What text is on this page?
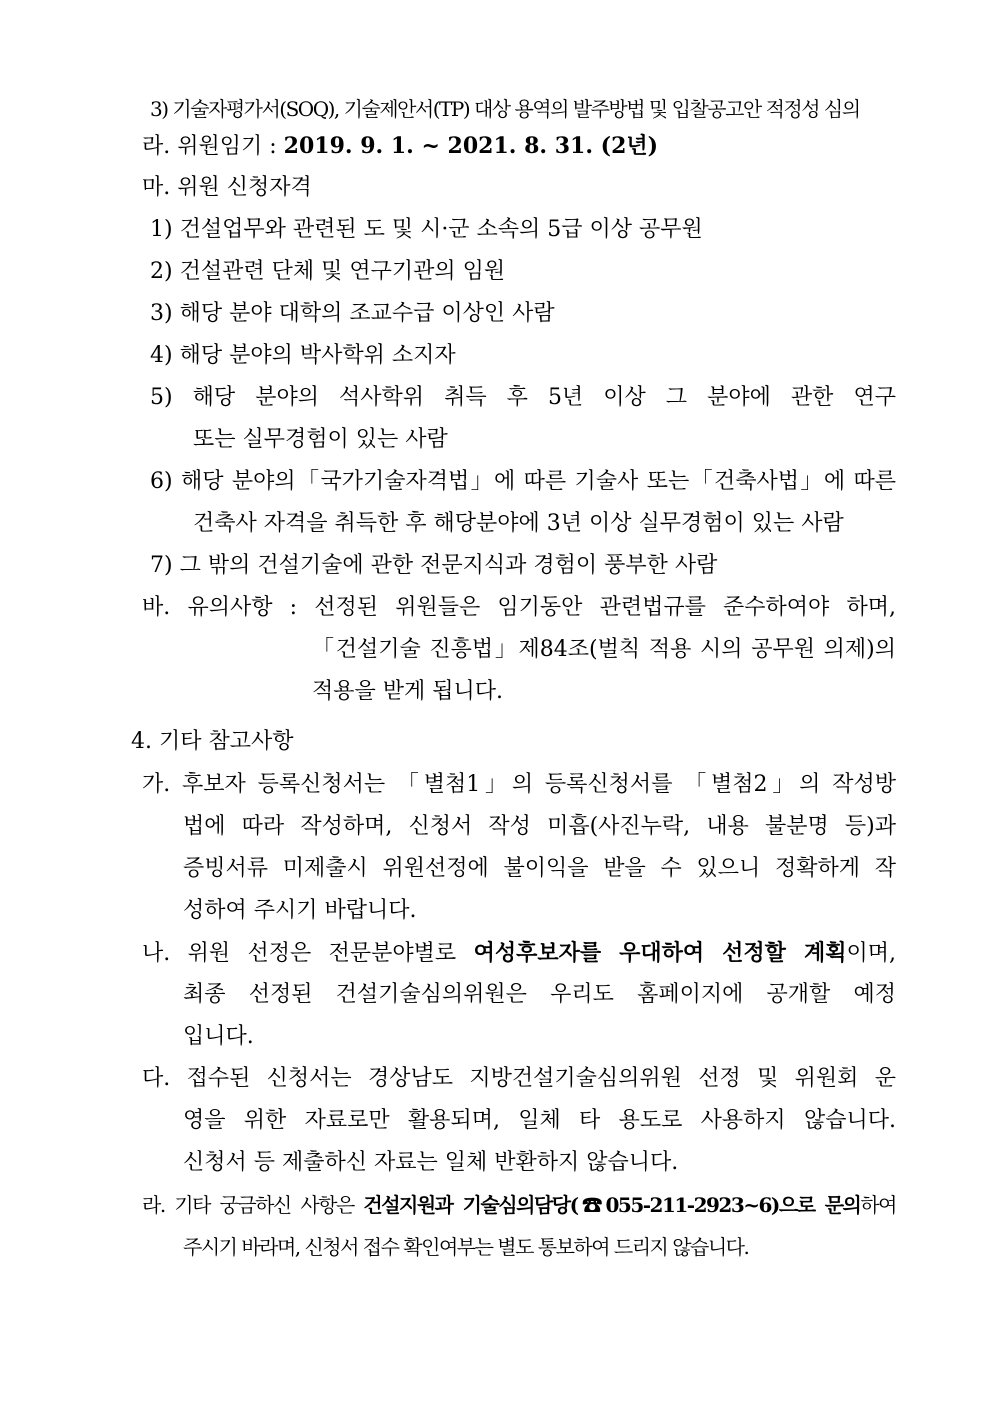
3) 기술자평가서(SOQ), 기술제안서(TP) 대상 용역의 발주방법 및 입찰공고안 적정성 심의
라. 위원임기 : 2019. 9. 1. ~ 2021. 8. 31. (2년)
마. 위원 신청자격
1) 건설업무와 관련된 도 및 시·군 소속의 5급 이상 공무원
2) 건설관련 단체 및 연구기관의 임원
3) 해당 분야 대학의 조교수급 이상인 사람
4) 해당 분야의 박사학위 소지자
5) 해당 분야의 석사학위 취득 후 5년 이상 그 분야에 관한 연구
또는 실무경험이 있는 사람
6) 해당 분야의「국가기술자격법」에 따른 기술사 또는「건축사법」에 따른
건축사 자격을 취득한 후 해당분야에 3년 이상 실무경험이 있는 사람
7) 그 밖의 건설기술에 관한 전문지식과 경험이 풍부한 사람
바. 유의사항 : 선정된 위원들은 임기동안 관련법규를 준수하여야 하며,
「건설기술 진흥법」제84조(벌칙 적용 시의 공무원 의제)의
적용을 받게 됩니다.
4. 기타 참고사항
가. 후보자 등록신청서는 「별첨1」의 등록신청서를 「별첨2」의 작성방
법에 따라 작성하며, 신청서 작성 미흡(사진누락, 내용 불분명 등)과
증빙서류 미제출시 위원선정에 불이익을 받을 수 있으니 정확하게 작
성하여 주시기 바랍니다.
나. 위원 선정은 전문분야별로 여성후보자를 우대하여 선정할 계획이며,
최종 선정된 건설기술심의위원은 우리도 홈페이지에 공개할 예정
입니다.
다. 접수된 신청서는 경상남도 지방건설기술심의위원 선정 및 위원회 운
영을 위한 자료로만 활용되며, 일체 타 용도로 사용하지 않습니다.
신청서 등 제출하신 자료는 일체 반환하지 않습니다.
라. 기타 궁금하신 사항은 건설지원과 기술심의담당(☎055-211-2923~6)으로 문의하여
주시기 바라며, 신청서 접수 확인여부는 별도 통보하여 드리지 않습니다.
